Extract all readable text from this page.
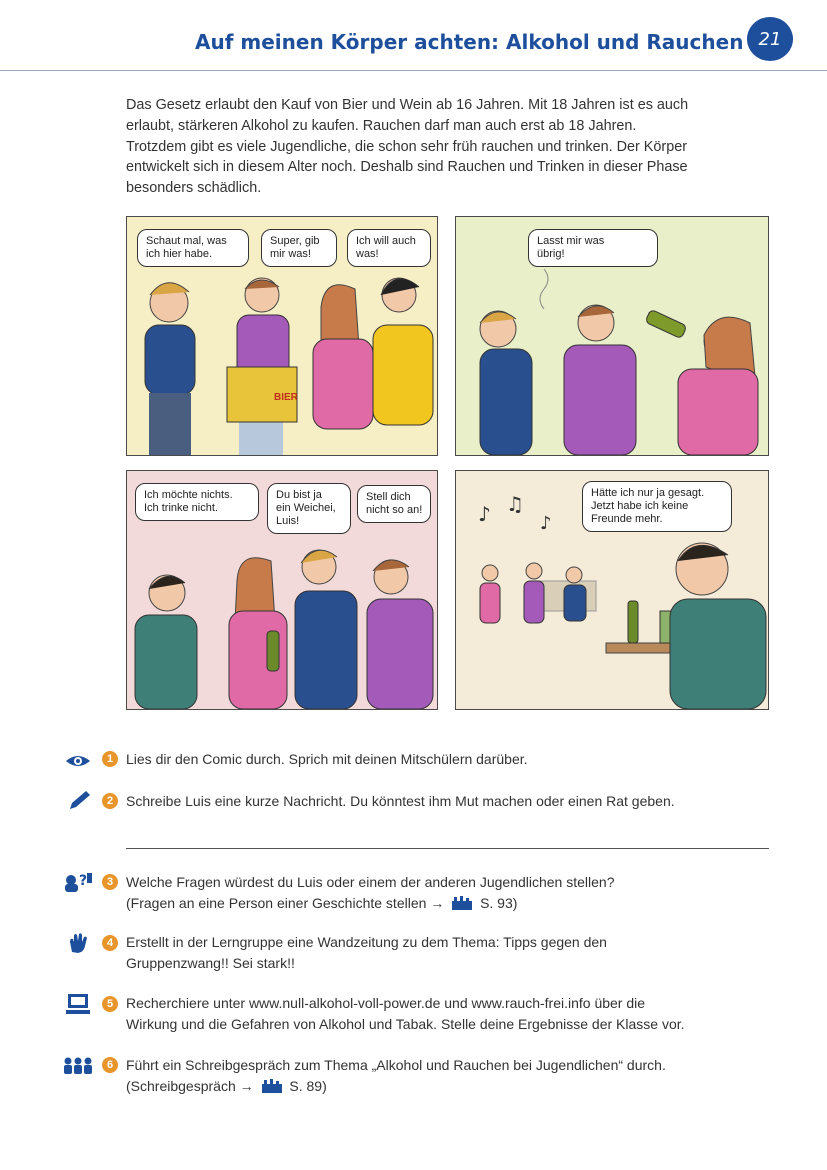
Auf meinen Körper achten: Alkohol und Rauchen 21
Das Gesetz erlaubt den Kauf von Bier und Wein ab 16 Jahren. Mit 18 Jahren ist es auch
erlaubt, stärkeren Alkohol zu kaufen. Rauchen darf man auch erst ab 18 Jahren.
Trotzdem gibt es viele Jugendliche, die schon sehr früh rauchen und trinken. Der Körper
entwickelt sich in diesem Alter noch. Deshalb sind Rauchen und Trinken in dieser Phase
besonders schädlich.
BIER
Schaut mal, was
ich hier habe.
Super, gib
mir was!
Ich will auch
was!
Lasst mir was
übrig!
Ich möchte nichts.
Ich trinke nicht.
Du bist ja
ein Weichei,
Luis!
Stell dich
nicht so an!	♪ ♫
♪
Hätte ich nur ja gesagt.
Jetzt habe ich keine
Freunde mehr.
1 Lies dir den Comic durch. Sprich mit deinen Mitschülern darüber.
2 Schreibe Luis eine kurze Nachricht. Du könntest ihm Mut machen oder einen Rat geben.
?	3 Welche Fragen würdest du Luis oder einem der anderen Jugendlichen stellen?
(Fragen an eine Person einer Geschichte stellen →	S. 93)
4 Erstellt in der Lerngruppe eine Wandzeitung zu dem Thema: Tipps gegen den
Gruppenzwang!! Sei stark!!
5 Recherchiere unter www.null-alkohol-voll-power.de und www.rauch-frei.info über die
Wirkung und die Gefahren von Alkohol und Tabak. Stelle deine Ergebnisse der Klasse vor.
6 Führt ein Schreibgespräch zum Thema „Alkohol und Rauchen bei Jugendlichen“ durch.
(Schreibgespräch →	S. 89)
